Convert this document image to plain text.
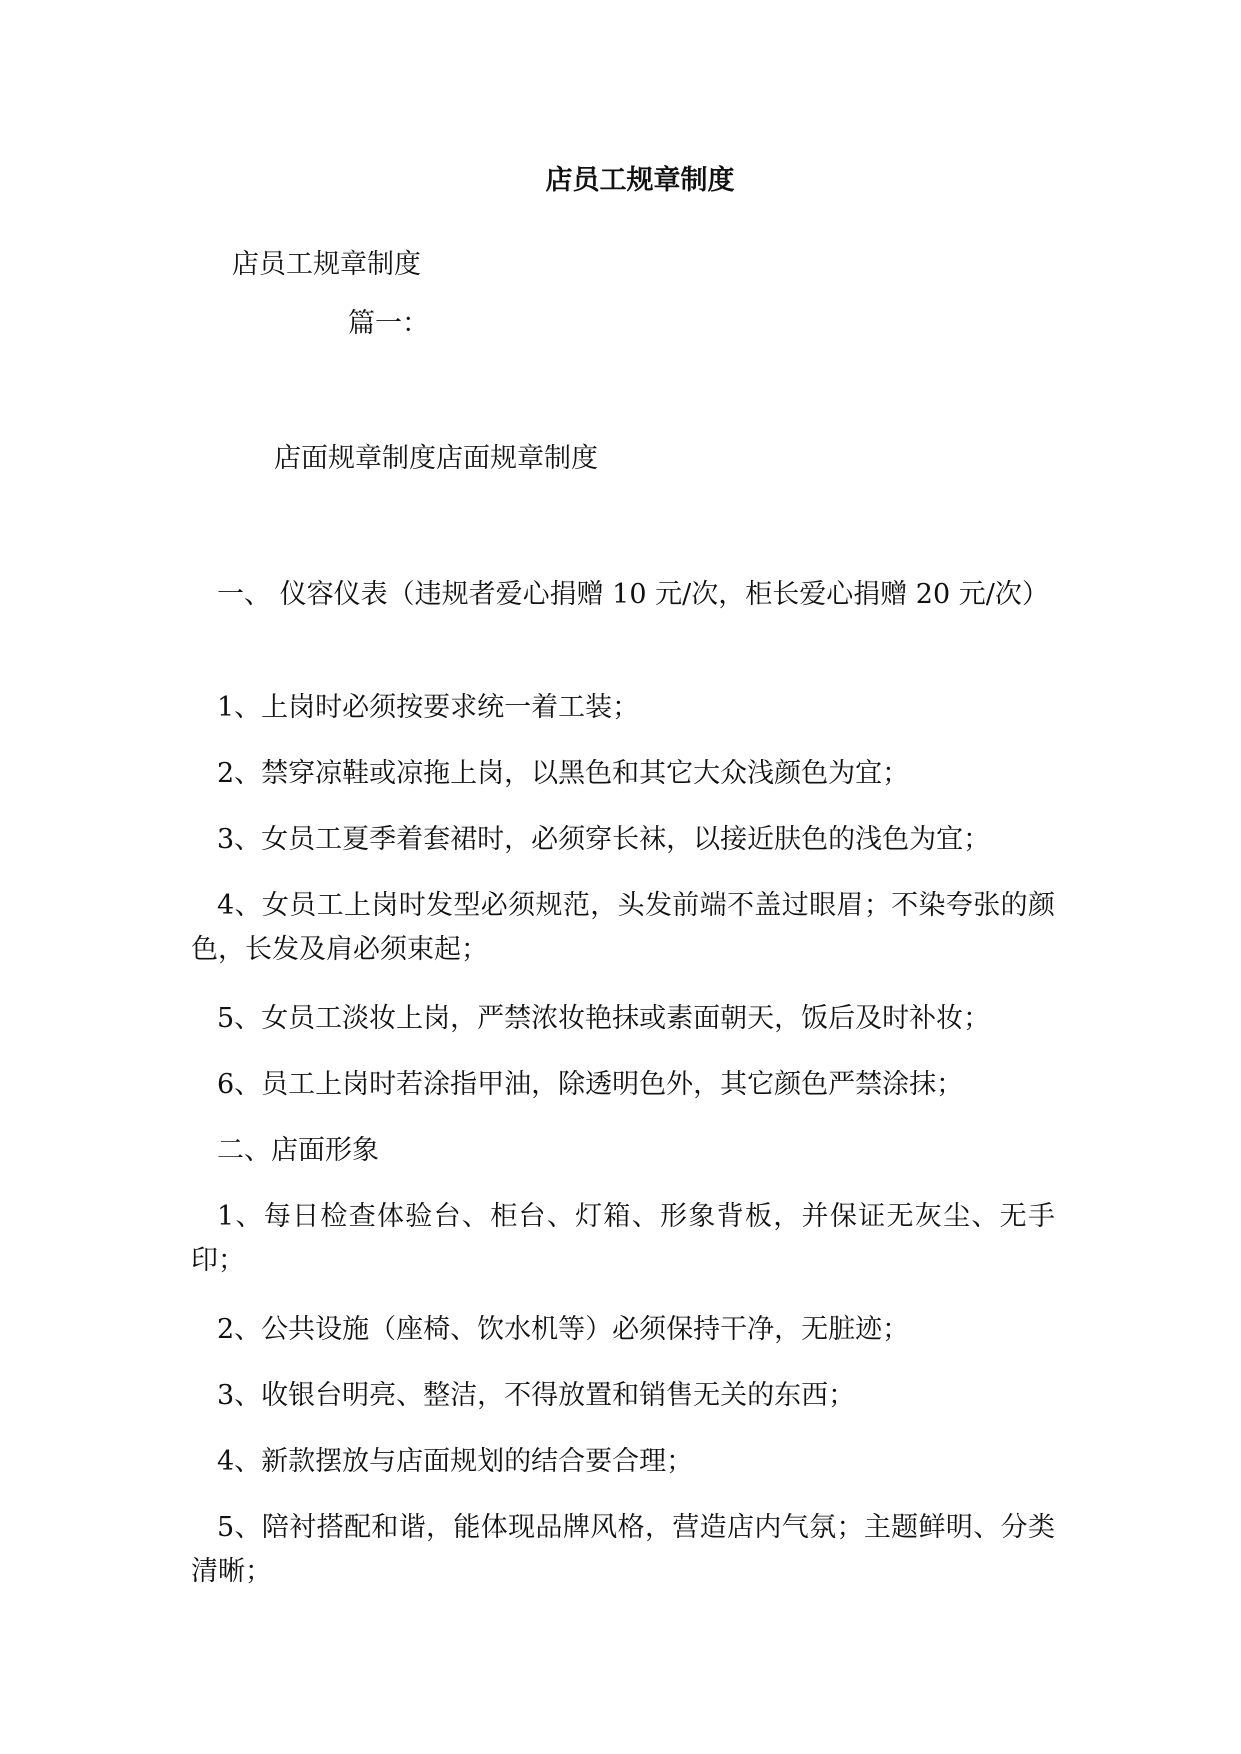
店员工规章制度

店员工规章制度

篇一：

店面规章制度店面规章制度

一、 仪容仪表（违规者爱心捐赠 10 元/次，柜长爱心捐赠 20 元/次）

1、上岗时必须按要求统一着工装；

2、禁穿凉鞋或凉拖上岗，以黑色和其它大众浅颜色为宜；

3、女员工夏季着套裙时，必须穿长袜，以接近肤色的浅色为宜；

4、女员工上岗时发型必须规范，头发前端不盖过眼眉；不染夸张的颜色，长发及肩必须束起；

5、女员工淡妆上岗，严禁浓妆艳抹或素面朝天，饭后及时补妆；

6、员工上岗时若涂指甲油，除透明色外，其它颜色严禁涂抹；

二、店面形象

1、每日检查体验台、柜台、灯箱、形象背板，并保证无灰尘、无手印；

2、公共设施（座椅、饮水机等）必须保持干净，无脏迹；

3、收银台明亮、整洁，不得放置和销售无关的东西；

4、新款摆放与店面规划的结合要合理；

5、陪衬搭配和谐，能体现品牌风格，营造店内气氛；主题鲜明、分类清晰；
